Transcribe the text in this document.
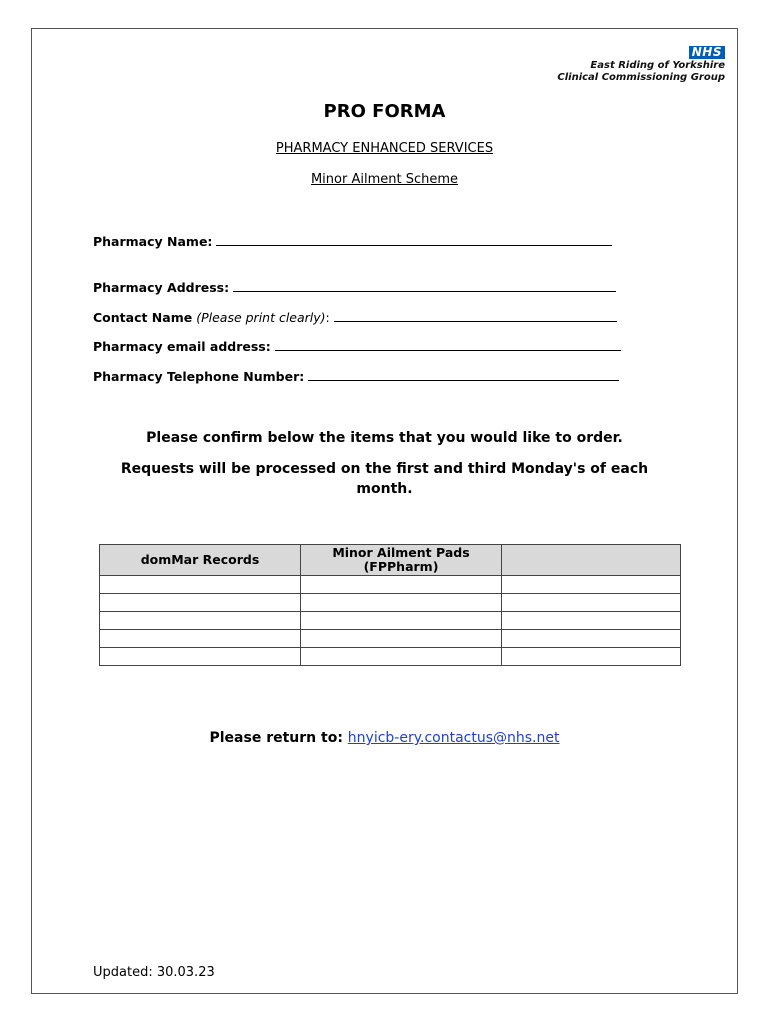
NHS
East Riding of Yorkshire
Clinical Commissioning Group
PRO FORMA
PHARMACY ENHANCED SERVICES
Minor Ailment Scheme
Pharmacy Name:
Pharmacy Address:
Contact Name (Please print clearly):
Pharmacy email address:
Pharmacy Telephone Number:
Please confirm below the items that you would like to order.
Requests will be processed on the first and third Monday's of each month.
domMar Records	Minor Ailment Pads (FPPharm)	

Please return to: hnyicb-ery.contactus@nhs.net
Updated: 30.03.23
